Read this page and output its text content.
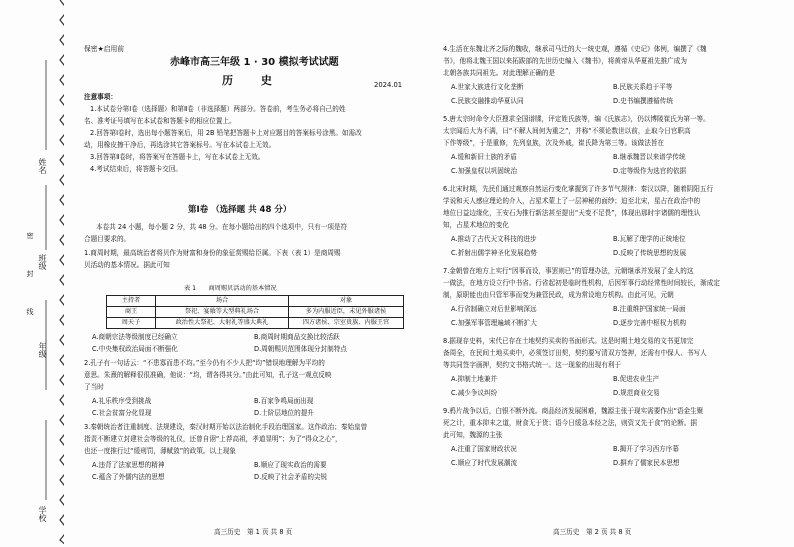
姓名
班级
密
封
线
年级
学校
保密★启用前
赤峰市高三年级 1 · 30 模拟考试试题
历 史	2024.01
注意事项：

1.本试卷分第Ⅰ卷（选择题）和第Ⅱ卷（非选择题）两部分。答卷前，考生务必将自己的姓

名、准考证号填写在本试卷和答题卡的相应位置上。

2.回答第Ⅰ卷时，选出每小题答案后，用 2B 铅笔把答题卡上对应题目的答案标号涂黑。如需改

动，用橡皮擦干净后，再选涂其它答案标号。写在本试卷上无效。

3.回答第Ⅱ卷时，将答案写在答题卡上，写在本试卷上无效。

4.考试结束后，将答题卡交回。

第Ⅰ卷 （选择题 共 48 分）

本卷共 24 小题，每小题 2 分，共 48 分。在每小题给出的四个选项中，只有一项是符

合题目要求的。

1.商周时期，最高统治者将贝作为财富和身份的象征赏赐给臣属。下表（表 1）是商周赐

贝活动的基本情况。据此可知

表 1　　商周赐贝活动的基本情况
主持者	场合	对象
商王	祭祀、宴飨等大型典礼场合	多为内服近臣，未见外服诸侯
周天子	政治性大祭祀、大射礼等盛大典礼	四方诸侯、宗室贵族、内服王官
A.商朝宗法等级制度已经确立	B.商周时期商品交换比较活跃
C.中央集权政治局面不断强化	D.周朝赐贝范围体现分封制特点

2.孔子有一句话云：“不患寡而患不均。”至今仍有不少人把“均”错误地理解为平均的

意思。朱熹的解释很很准确，他说：“均，谓各得其分。”由此可知，孔子这一观点反映

了当时

A.礼乐秩序受到挑战	B.百家争鸣局面出现
C.社会贫富分化显现	D.士阶层地位的提升

3.秦朝统治者注重制度、法规建设，秦汉时期开始以法治制化手段治理国家。这作政治；秦始皇曾

指责不断建立封建社会等级的礼仪，还曾自诩“上荐高祖，孝道显明”；为了“得众之心”，

也还一度推行过“缓刑罚，薄赋敛”的政策。以上现象

A.违背了法家思想的精神	B.顺应了现实政治的需要
C.蕴含了外儒内法的思想	D.反映了社会矛盾的尖锐
高三历史　第 1 页 共 8 页

4.生活在东魏北齐之际的魏收，继承司马迁的大一统史观，遵循《史记》体例，编撰了《魏

书》，他将北魏王国以来拓跋部的先世历史编入《魏书》，将黄帝从华夏祖先推广成为

北朝各族共同祖先。对此理解正确的是

A.世家大族进行文化垄断	B.民族关系趋于平等
C.民族交融推动华夏认同	D.史书编撰遵循传统

5.唐太宗时命令大臣搜求全国谱牒，评定姓氏族等，编《氏族志》，仍以博陵崔氏为第一等。

太宗闻后大为不满，曰“不解人间何为重之”，并称“不须论数世以前，止取今日官职高

下作等级”，于是重修，先列皇族，次及外戚，崔氏降为第三等。该做法旨在

A.缓和新旧士族的矛盾	B.继承魏晋以来谱学传统
C.加强皇权以巩固统治	D.定等级作为选官的依据

6.北宋时期，先民们通过观察自然运行变化掌握到了许多节气规律：秦汉以降，随着阴阳五行

学说和天人感应理论的介入，占星术蒙上了一层神秘的面纱；迫至北宋，星占在政治中的

地位日益边缘化，王安石为推行新法甚至提出“天变不足畏”，体现出那时宇诸儒的理性认

知，占星术地位的变化

A.推动了古代天文科技的进步	B.瓦解了理学的正统地位
C.折射出儒学神圣化发展趋势	D.反映了传统思想的发展

7.金朝曾在地方上实行“因事而设，事罢则已”的管理办法，元朝继承并发展了金人的这

一做法，在地方设立行中书省。行省起初是临时性机构，后因军事行动经常性时间较长，渐成定

制，原职能也由只管军事而变为兼管民政，成为常设地方机构。由此可见，元朝

A.行省制确立对后世影响深远	B.注重维护国家统一局面
C.加强军事管理遍域不断扩大	D.逐步完善中枢权力机构

8.据现存史料，宋代已存在土地契约买卖的书面形式。这是时期土地交易的文书更加完

备周全，在民间土地买卖中，必须签订田契，契约要写清双方签押，还需有中保人、书写人

等共同签字画押，契约文书格式统一。这一现象的出现有利于

A.抑制土地兼并	B.促进农业生产
C.减少争议纠纷	D.规范商业交易

9.鸦片战争以后，白银不断外流。商品经济发展困难，魏源主张于现实需要作出“语金生聚

死之计，重本抑末之道，财食无于货；语今日缓急本经之法，则资又先于食”的论断。据

此可知，魏源的主张

A.注重了国家财政状况	B.揭开了学习西方序幕
C.顺应了时代发展潮流	D.摒弃了儒家民本思想
高三历史　第 2 页 共 8 页
